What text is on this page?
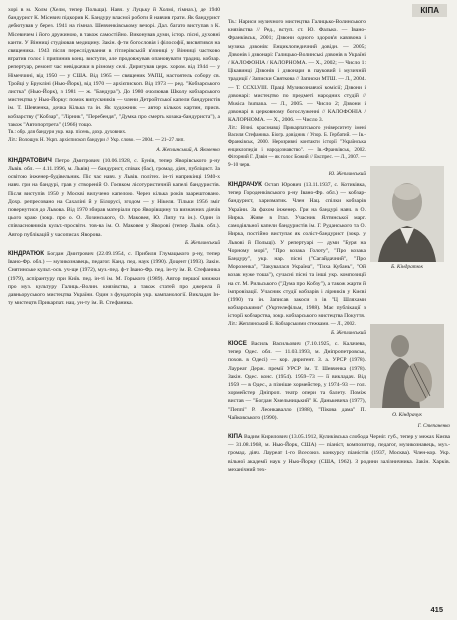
КІПА

хорі в м. Холм (Хелм, тепер Польща). Навч. у Луцьку й Холмі, гімназ.), де 1940 бандурист К. Місевич підкорив К. Бандуру власної роботи й навчив грати. Як бандурист дебютував у берез. 1941 на гімназ. Шевченківському вечорі. Дал. багато виступав з К. Місевичем і його дружиною, в також самостійно. Виконував думи, істор. пісні, духовні канти. У Вінниці студіював медицину. Закін. ф-ти богословія і філософії, висвятився на священика. 1943 після переслідування в гітлерівській в'язниці у Вінниці частково втратив голос і припинив конц. виступи, але продовжував опановувати традиц. кобзар. репертуар, ремонт час невідкачки в різному селі. Диригував церк. хором. від 1944 — у Німеччині, від 1950 — у США. Від 1965 — священик УАПЦ, настоятель собору св. Тройці у Брукліні (Нью-Йорк), від 1970 — архієпископ. Від 1973 — ред. "Кобзарського листка" (Нью-Йорк), з 1981 — ж. "Бандура"). До 1980 очолював Школу кобзарського мистецтва у Нью-Йорку: помок випускників — члени Детройтської капели бандуристів ім. Т. Шевченка, дочка Кілька та ін. Як художник — автор кількох картин, присв. кобзарству ("Кобзар", "Лірник", "Перебендя", "Думка про смерть козака-бандуриста"), а також "Автопортрета" (1966) тощо.

Тв.: обр. для бандури укр. нар. пісень, дохр. духовних.

Літ.: Волощук Н. Укрп. архієпископ бандури // Укр. слово. — 2004. — 21–27 лип.

А. Жеплинський, А. Яковенко

КІНДРАТОВИЧ Петро Дмитрович (10.06.1928, с. Бунів, тепер Яворівського р-ну Львів. обл. — 4.11.1996, м. Львів) — бандурист, співак (бас), громад. діяч, публіцист. За освітою інженер-будівельник. Піс час навч. у Львів. політех. ін-ті наприкінці 1940-х навч. гри на бандурі, грав у створеній О. Гоєвком лісотуристичній капелі бандуристів. Після виступів 1950 у Москві вилучено капелою. Через кілька років заарештовано. Дохр. репресовано на Сахаліні й у Білорусі, згодом — у Нікеля. Тільки 1956 зміг повернутися до Львова. Від 1970 збирав матеріали про Яворівщину та визначних діячів цього краю (зокр. про о. О. Лозинського, О. Маковея, Ю. Липу та ін.). Один із співзасновників культ.-просвітн. тов-ва ім. О. Маковея у Яворові (тепер Львів. обл.). Автор публікацій у часописах Яворова.

Б. Жеплинський

КІНДРАТЮК Богдан Дмитрович (22.09.1954, с. Прибиля Глумацького р-ну, тепер Івано-Фр. обл.) — музикознавець, педагог. Канд. пед. наук (1990). Доцент (1993). Закін. Снятинське культ.-осв. уч-ще (1972), муз.-пед. ф-т Івано-Фр. пед. ін-ту ім. В. Стефаника (1979), аспірантуру при Київ. пед. ін-ті ім. М. Горького (1989). Автор першої книжки про муз. культуру Галиць.-Волин. князівства, а також статей про джерела й давньоруського мистецтва України. Один з фундаторів укр. кампанології. Викладач Ін-ту мистецтв Прикарпат. нац. ун-ту ім. В. Стефаника.

Тв.: Нариси музичного мистецтва Галицько-Волинського князівства // Ред., вступ. ст. Ю. Фалько. — Івано-Франківськ, 2001; Дзвони одного здоров'я кавзвона і музика дзвонів: Енциклопедичний довідн. — 2005; Дзвонів і дзвонарі: Галицько-Волинські дзвонів в Україні / КАЛОФОНІА / КАЛОРНОМА. — Х., 2002; — Число 1: Цікавинці Дзвонів і дзвонари в пауковий і музичній традиції / Записки Святкова // Записки МТШ. — Л., 2004. — Т. CCXLVIII. Праці Музикознавчої комісії; Дзвони і дзвонарі: мистецтво по предметі народних студій // Musica humana. — Л., 2005. — Число 2; Дзвони і дзвонарі в церковному богослуженні // КАЛОФОНІА / КАЛОРНОМА. — Х., 2006. — Число 3.

Літ.: Вічні. красзнавці Прикарпатського університету імені Василя Стефаника. Біогр. довідник / Упор. Б. Гербатий. — Ів.-Франківськ, 2000. Нерозривні контакти історії "Українська енциклопедія і народознавство". — Ів.-Франківськ, 2002. Фігорний Г. Дзвін — як голос Божий // Експрес. — Л., 2007. — 9–10 черв.

Ю. Жеплинський

КІНДРАЧУК Остап Юрович (13.11.1937, с. Котиківка, тепер Городенківського р-ну Івано-Фр. обл.) — кобзар-бандурист, харизматик. Член Нац. спілки кобзарів України. За фахом інженер. Гри на бандурі навч. в О. Нирка. Живе в Італ. Учасник Ялтинської марг. самодіяльної капели бандуристів ім. Г. Руданського та О. Нирка, постійно виступає як соліст-бандурист (зокр. у Львові й Польщі). У репертуарі — думи "Буря на Чорному морі", "Про козака Голоту", "Про козака Бандуру", укр. нар. пісні ("Сагайдачний", "Про Морозенка", "Закувалася Україна", "Тиха Кубань", "Ой козак нуже тоша"), сучасні пісні та інші укр. композиції на ст. М. Рильського ("Дума про Кобзу"), а також жарти й імпровізації. Учасник студії кобзарів і лірників у Києві (1990) та ін. Записав закоси з ів "Ц Шляхами кобзарськими" (Укртелефільм, 1988). Має публікації з історії кобзарства, зокр. кобзарського мистецтва Покуття.

Літ.: Жеплинський Б. Кобзарськими стежками. — Л., 2002.

Б. Жеплинський

КІОСЕ Василь Васильович (7.10.1925, с. Калачева, тепер Одес. обл. — 11.03.1993, м. Дніпропетровськ, похов. в Одесі) — кор. диригент. З. а. УРСР (1978). Лауреат Держ. премії УРСР ім. Т. Шевченка (1978). Закін. Одес. конс. (1954). 1959–73 — її викладач. Від 1959 — в Одес., а пізніше хормейстер, у 1974–93 — гол. хормейстер Дніпроп. театр опери та балету. Поміж вистав — "Богдан Хмельницький" К. Данькевича (1977), "Пеппі" Р. Леонкавалло (1988), "Пікова дама" П. Чайковського (1990).

Г. Степаненко

КІПА Вадим Кирилович (13.05.1912, Куликівська слобода Черніг. губ., тепер у межах Києва — 31.08.1968, м. Нью-Йорк, США) — піаніст, композитор, педагог, музикознавець, муз.-громад. діяч. Лауреат 1-го Всесоюз. конкурсу піаністів (1937, Москва). Член-кор. Укр. вільної академії наук у Нью-Йорку (США, 1962). З родини залізничника. Закін. Харків. механічний тех-

Б. Кіндратюк
О. Кіндрачук
415
